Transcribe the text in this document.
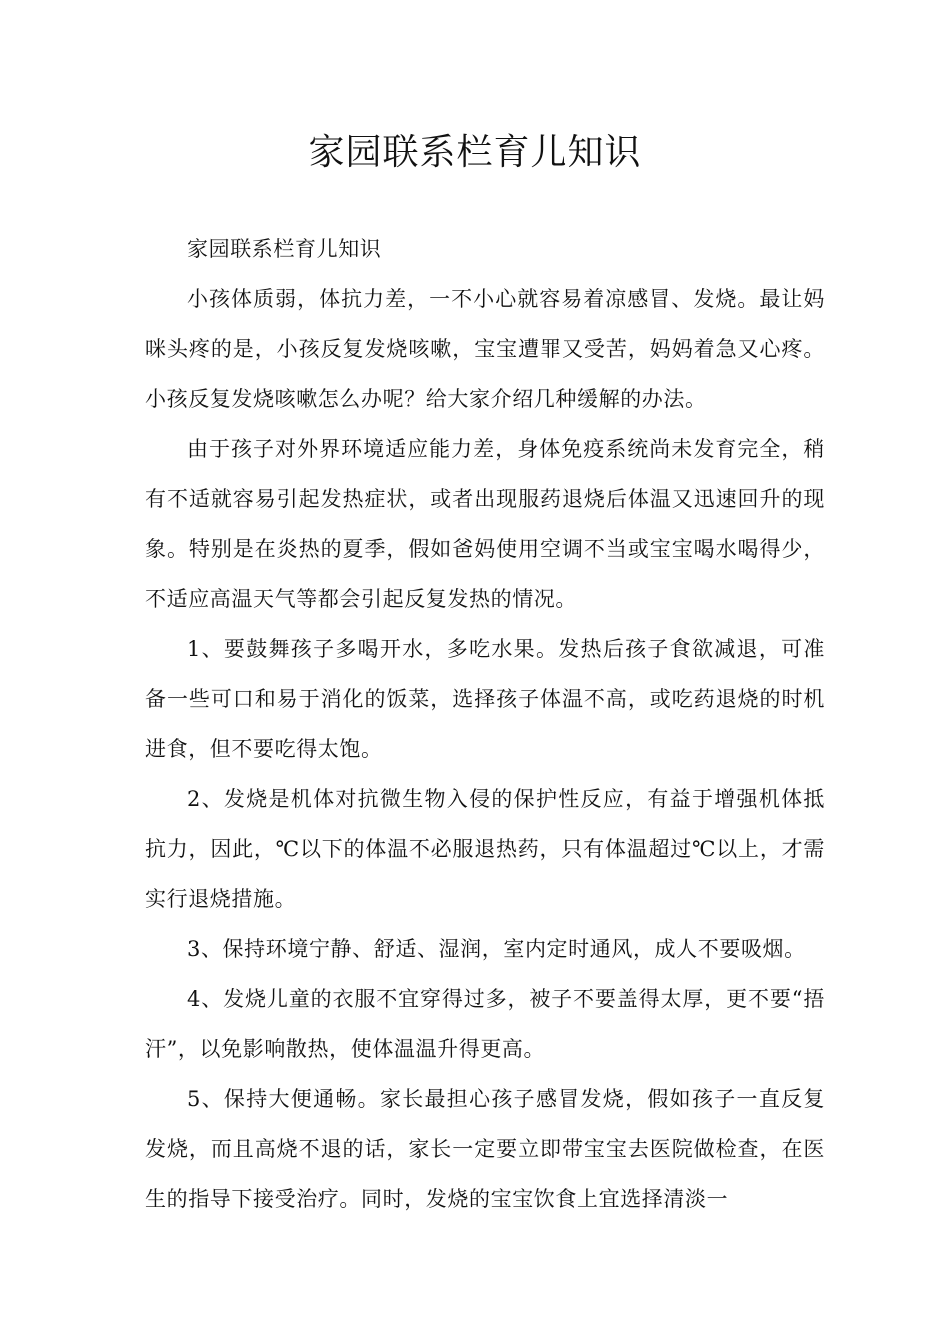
家园联系栏育儿知识

家园联系栏育儿知识

小孩体质弱，体抗力差，一不小心就容易着凉感冒、发烧。最让妈咪头疼的是，小孩反复发烧咳嗽，宝宝遭罪又受苦，妈妈着急又心疼。小孩反复发烧咳嗽怎么办呢？给大家介绍几种缓解的办法。

由于孩子对外界环境适应能力差，身体免疫系统尚未发育完全，稍有不适就容易引起发热症状，或者出现服药退烧后体温又迅速回升的现象。特别是在炎热的夏季，假如爸妈使用空调不当或宝宝喝水喝得少，不适应高温天气等都会引起反复发热的情况。

1、要鼓舞孩子多喝开水，多吃水果。发热后孩子食欲减退，可准备一些可口和易于消化的饭菜，选择孩子体温不高，或吃药退烧的时机进食，但不要吃得太饱。

2、发烧是机体对抗微生物入侵的保护性反应，有益于增强机体抵抗力，因此，℃以下的体温不必服退热药，只有体温超过℃以上，才需实行退烧措施。

3、保持环境宁静、舒适、湿润，室内定时通风，成人不要吸烟。

4、发烧儿童的衣服不宜穿得过多，被子不要盖得太厚，更不要“捂汗”，以免影响散热，使体温温升得更高。

5、保持大便通畅。家长最担心孩子感冒发烧，假如孩子一直反复发烧，而且高烧不退的话，家长一定要立即带宝宝去医院做检查，在医生的指导下接受治疗。同时，发烧的宝宝饮食上宜选择清淡一
